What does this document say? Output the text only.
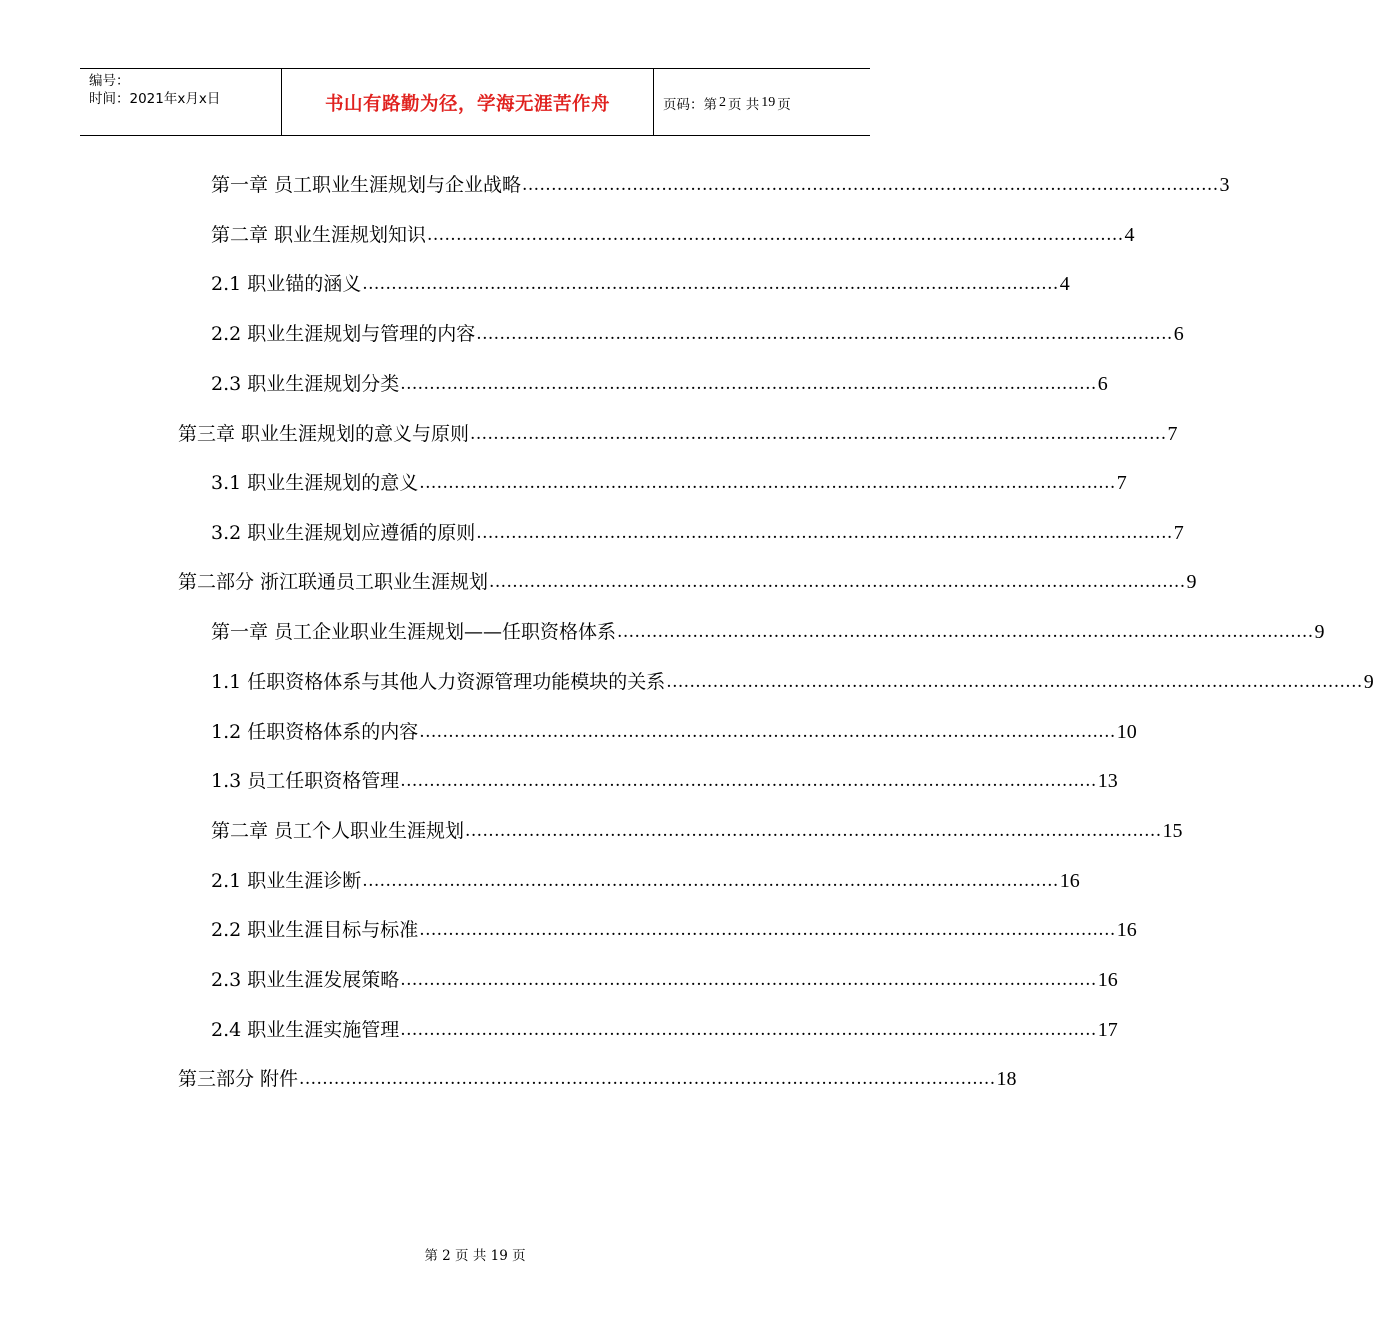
编号：
时间：2021年x月x日	书山有路勤为径，学海无涯苦作舟	页码：第 2 页 共 19 页
第一章 员工职业生涯规划与企业战略 ........................................................................................................................ 3
第二章 职业生涯规划知识 ........................................................................................................................ 4
2.1 职业锚的涵义 ........................................................................................................................ 4
2.2 职业生涯规划与管理的内容 ........................................................................................................................ 6
2.3 职业生涯规划分类 ........................................................................................................................ 6
第三章 职业生涯规划的意义与原则 ........................................................................................................................ 7
3.1 职业生涯规划的意义 ........................................................................................................................ 7
3.2 职业生涯规划应遵循的原则 ........................................................................................................................ 7
第二部分 浙江联通员工职业生涯规划 ........................................................................................................................ 9
第一章 员工企业职业生涯规划——任职资格体系 ........................................................................................................................ 9
1.1 任职资格体系与其他人力资源管理功能模块的关系 ........................................................................................................................ 9
1.2 任职资格体系的内容 ........................................................................................................................ 10
1.3 员工任职资格管理 ........................................................................................................................ 13
第二章 员工个人职业生涯规划 ........................................................................................................................ 15
2.1 职业生涯诊断 ........................................................................................................................ 16
2.2 职业生涯目标与标准 ........................................................................................................................ 16
2.3 职业生涯发展策略 ........................................................................................................................ 16
2.4 职业生涯实施管理 ........................................................................................................................ 17
第三部分 附件 ........................................................................................................................ 18
第 2 页 共 19 页
